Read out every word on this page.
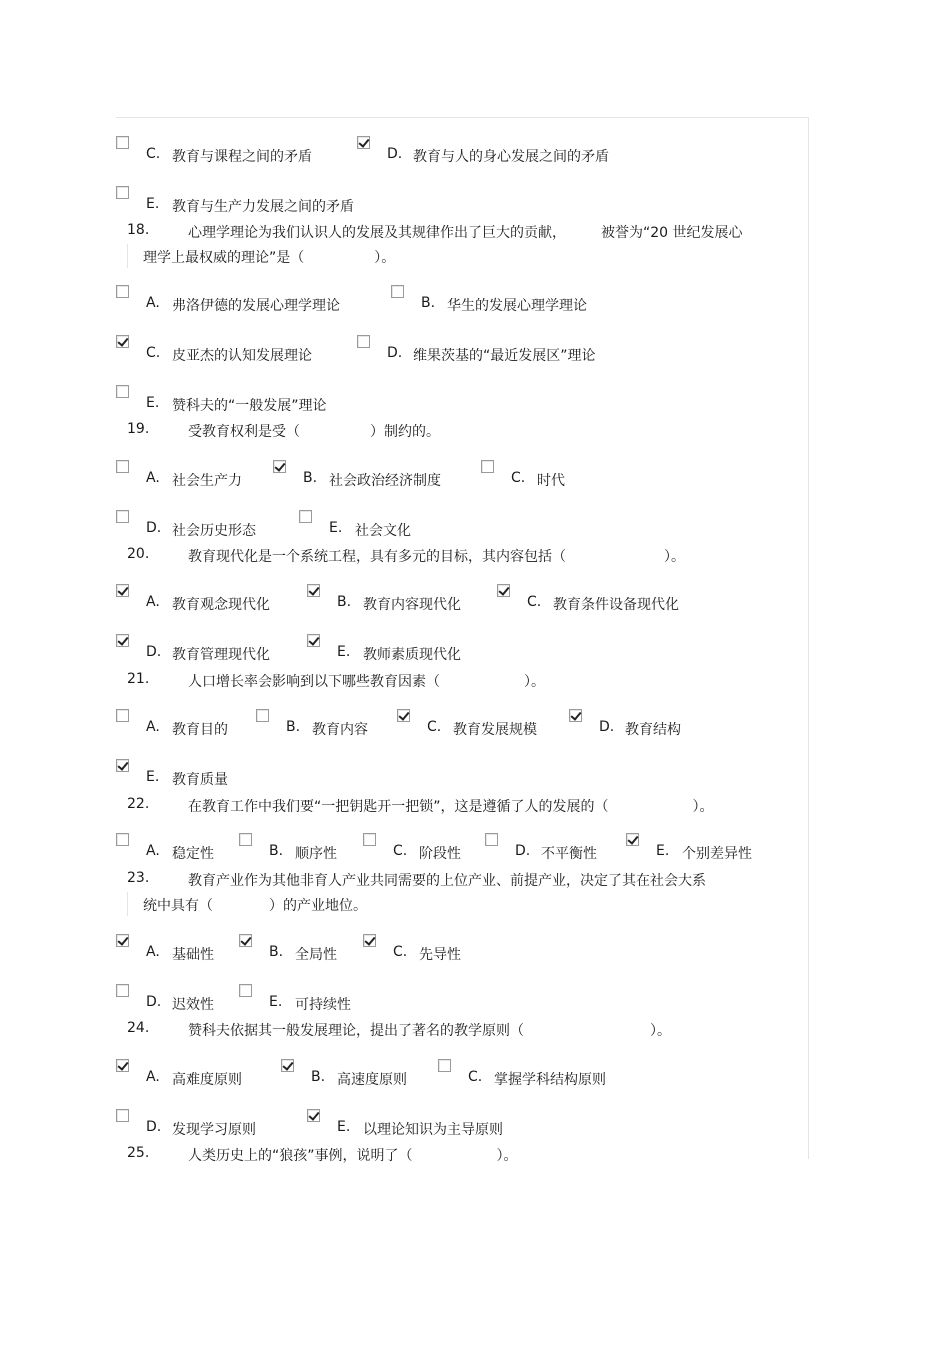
C. 教育与课程之间的矛盾	D. 教育与人的身心发展之间的矛盾
E. 教育与生产力发展之间的矛盾
18.	心理学理论为我们认识人的发展及其规律作出了巨大的贡献，　　　被誉为“20 世纪发展心
理学上最权威的理论”是（　　　　　）。
A. 弗洛伊德的发展心理学理论	B. 华生的发展心理学理论
C. 皮亚杰的认知发展理论	D. 维果茨基的“最近发展区”理论
E. 赞科夫的“一般发展”理论
19.	受教育权利是受（　　　　　）制约的。
A. 社会生产力	B. 社会政治经济制度	C. 时代
D. 社会历史形态	E. 社会文化
20.	教育现代化是一个系统工程，具有多元的目标，其内容包括（　　　　　　　）。
A. 教育观念现代化	B. 教育内容现代化	C. 教育条件设备现代化
D. 教育管理现代化	E. 教师素质现代化
21.	人口增长率会影响到以下哪些教育因素（　　　　　　）。
A. 教育目的	B. 教育内容	C. 教育发展规模	D. 教育结构
E. 教育质量
22.	在教育工作中我们要“一把钥匙开一把锁”，这是遵循了人的发展的（　　　　　　）。
A. 稳定性	B. 顺序性	C. 阶段性	D. 不平衡性	E. 个别差异性
23.	教育产业作为其他非育人产业共同需要的上位产业、前提产业，决定了其在社会大系
统中具有（　　　　）的产业地位。
A. 基础性	B. 全局性	C. 先导性
D. 迟效性	E. 可持续性
24.	赞科夫依据其一般发展理论，提出了著名的教学原则（　　　　　　　　　）。
A. 高难度原则	B. 高速度原则	C. 掌握学科结构原则
D. 发现学习原则	E. 以理论知识为主导原则
25.	人类历史上的“狼孩”事例，说明了（　　　　　　）。
